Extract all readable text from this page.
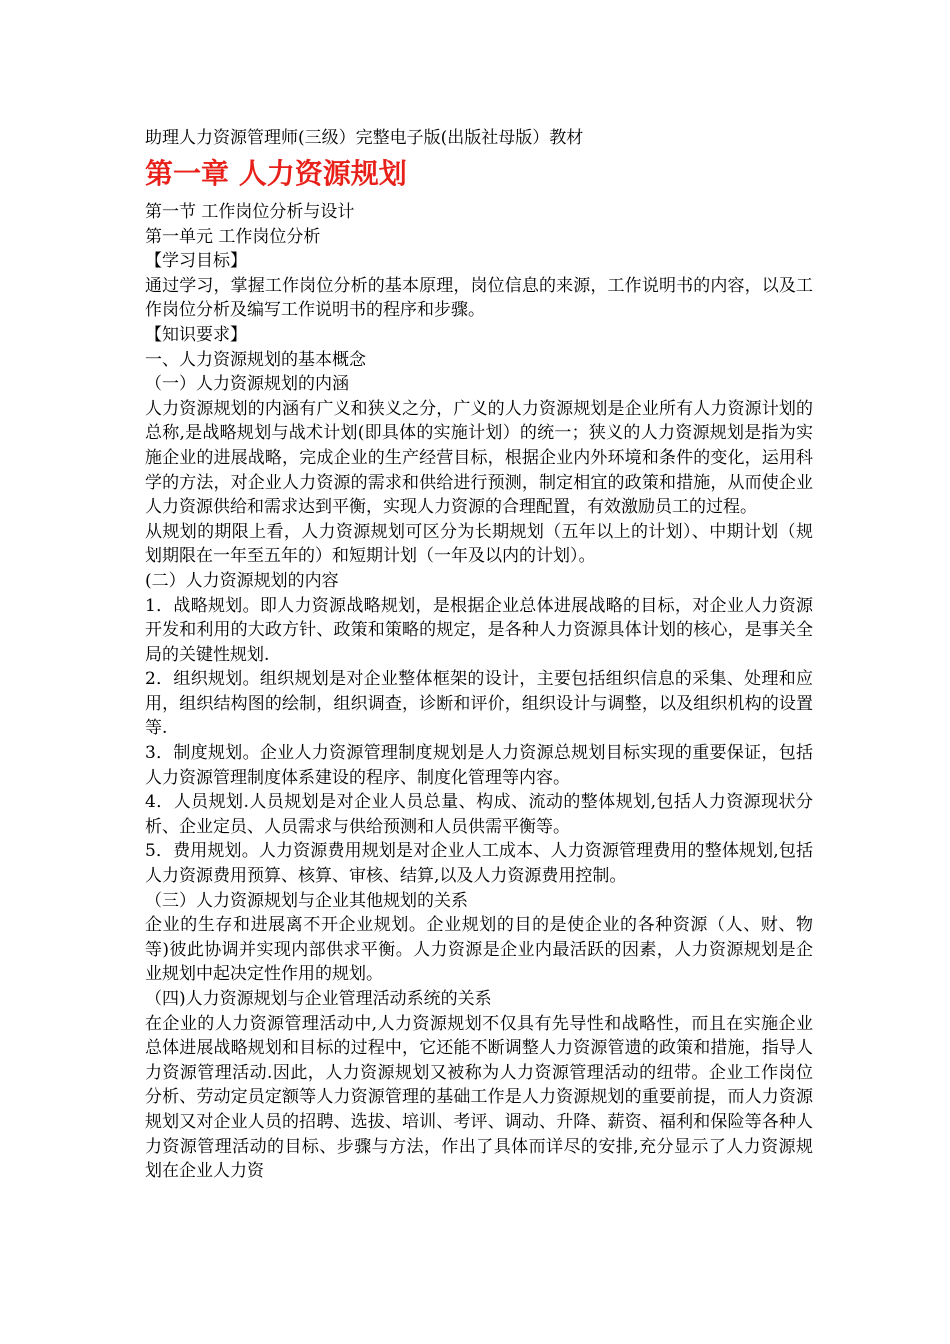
助理人力资源管理师(三级）完整电子版(出版社母版）教材

第一章 人力资源规划

第一节 工作岗位分析与设计

第一单元 工作岗位分析

【学习目标】

通过学习，掌握工作岗位分析的基本原理，岗位信息的来源，工作说明书的内容，以及工作岗位分析及编写工作说明书的程序和步骤。

【知识要求】

一、人力资源规划的基本概念

（一）人力资源规划的内涵

人力资源规划的内涵有广义和狭义之分，广义的人力资源规划是企业所有人力资源计划的总称,是战略规划与战术计划(即具体的实施计划）的统一；狭义的人力资源规划是指为实施企业的进展战略，完成企业的生产经营目标，根据企业内外环境和条件的变化，运用科学的方法，对企业人力资源的需求和供给进行预测，制定相宜的政策和措施，从而使企业人力资源供给和需求达到平衡，实现人力资源的合理配置，有效激励员工的过程。

从规划的期限上看，人力资源规划可区分为长期规划（五年以上的计划）、中期计划（规划期限在一年至五年的）和短期计划（一年及以内的计划）。

(二）人力资源规划的内容

1．战略规划。即人力资源战略规划，是根据企业总体进展战略的目标，对企业人力资源开发和利用的大政方针、政策和策略的规定，是各种人力资源具体计划的核心，是事关全局的关键性规划.

2．组织规划。组织规划是对企业整体框架的设计，主要包括组织信息的采集、处理和应用，组织结构图的绘制，组织调查，诊断和评价，组织设计与调整，以及组织机构的设置等.

3．制度规划。企业人力资源管理制度规划是人力资源总规划目标实现的重要保证，包括人力资源管理制度体系建设的程序、制度化管理等内容。

4．人员规划.人员规划是对企业人员总量、构成、流动的整体规划,包括人力资源现状分析、企业定员、人员需求与供给预测和人员供需平衡等。

5．费用规划。人力资源费用规划是对企业人工成本、人力资源管理费用的整体规划,包括人力资源费用预算、核算、审核、结算,以及人力资源费用控制。

（三）人力资源规划与企业其他规划的关系

企业的生存和进展离不开企业规划。企业规划的目的是使企业的各种资源（人、财、物等)彼此协调并实现内部供求平衡。人力资源是企业内最活跃的因素，人力资源规划是企业规划中起决定性作用的规划。

（四)人力资源规划与企业管理活动系统的关系

在企业的人力资源管理活动中,人力资源规划不仅具有先导性和战略性，而且在实施企业总体进展战略规划和目标的过程中，它还能不断调整人力资源管遗的政策和措施，指导人力资源管理活动.因此，人力资源规划又被称为人力资源管理活动的纽带。企业工作岗位分析、劳动定员定额等人力资源管理的基础工作是人力资源规划的重要前提，而人力资源规划又对企业人员的招聘、选拔、培训、考评、调动、升降、薪资、福利和保险等各种人力资源管理活动的目标、步骤与方法，作出了具体而详尽的安排,充分显示了人力资源规划在企业人力资
